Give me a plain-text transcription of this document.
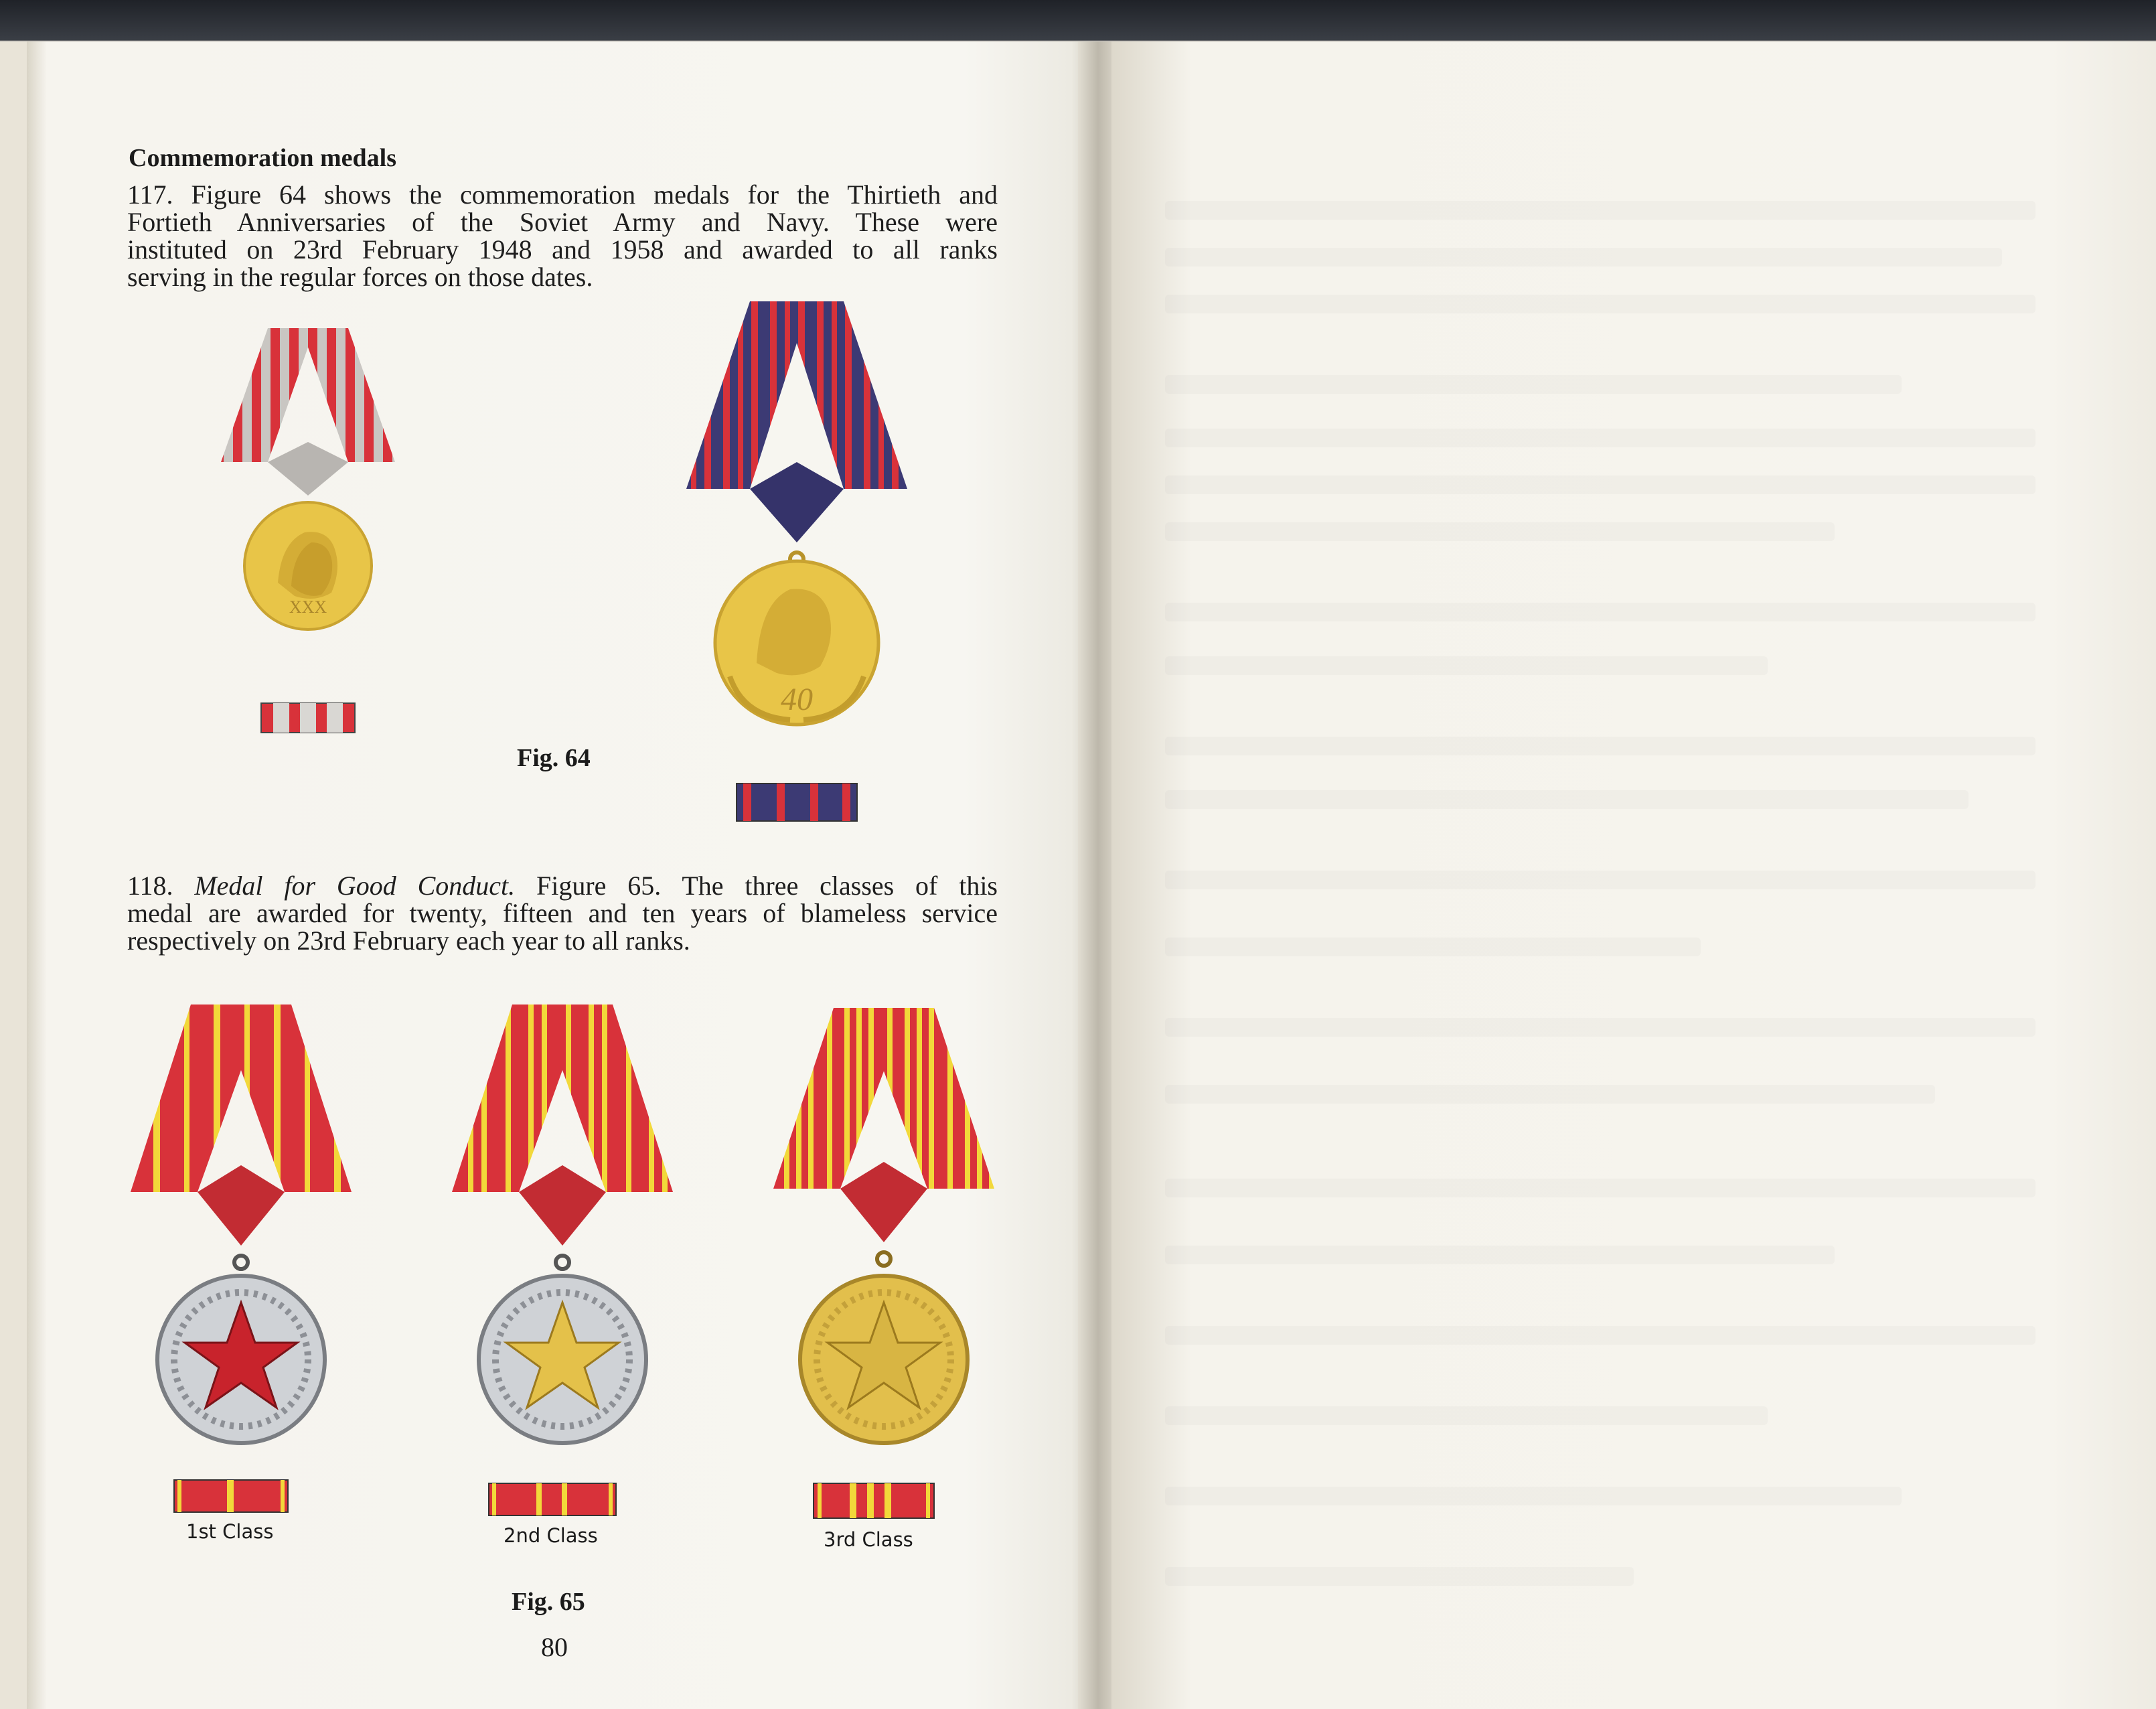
Commemoration medals

117. Figure 64 shows the commemoration medals for the Thirtieth and
Fortieth Anniversaries of the Soviet Army and Navy. These were
instituted on 23rd February 1948 and 1958 and awarded to all ranks
serving in the regular forces on those dates.

Fig. 64

118. Medal for Good Conduct. Figure 65. The three classes of this
medal are awarded for twenty, fifteen and ten years of blameless service
respectively on 23rd February each year to all ranks.

XXX
40
1st Class	2nd Class	3rd Class
Fig. 65
80
